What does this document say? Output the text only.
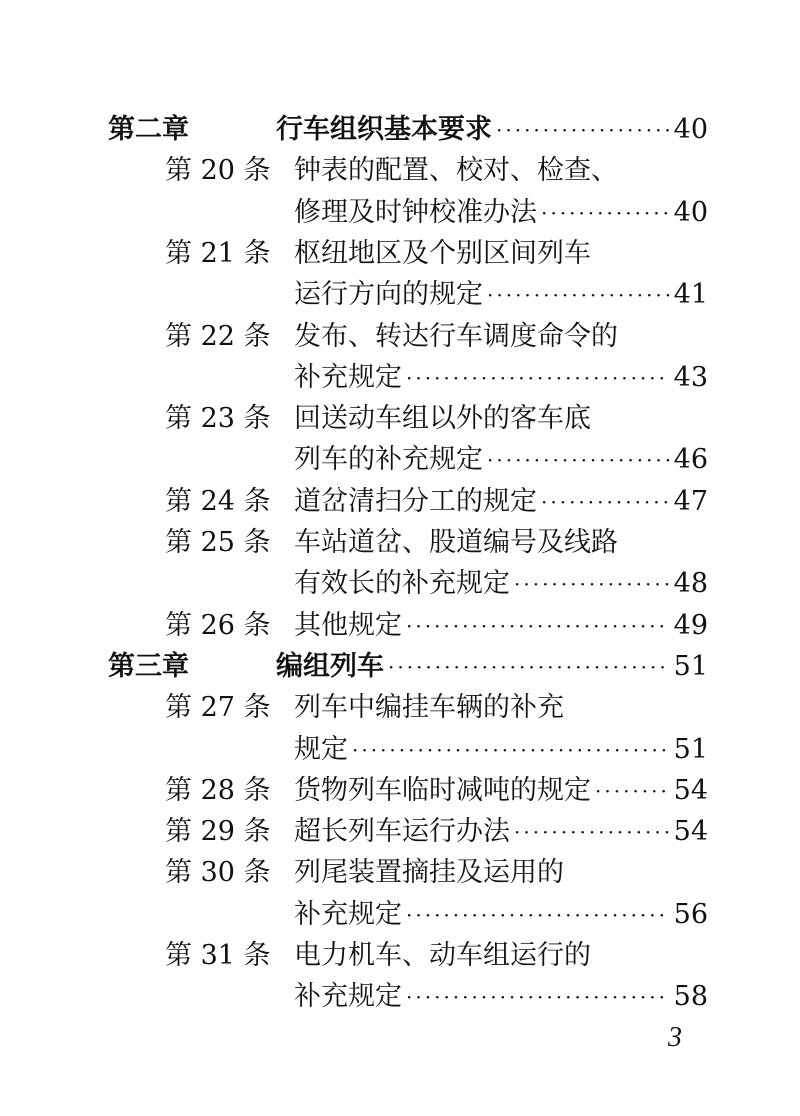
第二章	行车组织基本要求 ·····	40
第 20 条 钟表的配置、校对、检查、
修理及时钟校准办法 ·····	40
第 21 条 枢纽地区及个别区间列车
运行方向的规定 ·····	41
第 22 条 发布、转达行车调度命令的
补充规定 ·····	43
第 23 条 回送动车组以外的客车底
列车的补充规定 ·····	46
第 24 条 道岔清扫分工的规定 ·····	47
第 25 条 车站道岔、股道编号及线路
有效长的补充规定 ·····	48
第 26 条 其他规定 ·····	49
第三章	编组列车 ·····	51
第 27 条 列车中编挂车辆的补充
规定 ·····	51
第 28 条 货物列车临时减吨的规定 ·····	54
第 29 条 超长列车运行办法 ·····	54
第 30 条 列尾装置摘挂及运用的
补充规定 ·····	56
第 31 条 电力机车、动车组运行的
补充规定 ·····	58
3
